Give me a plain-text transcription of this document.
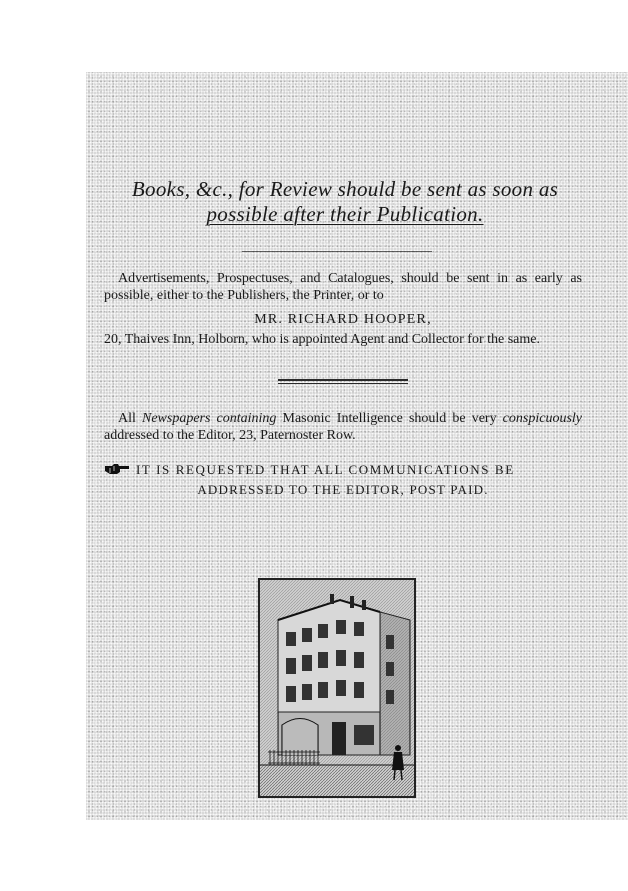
Books, &c., for Review should be sent as soon as
possible after their Publication.
Advertisements, Prospectuses, and Catalogues, should be sent in as early as possible, either to the Publishers, the Printer, or to
MR. RICHARD HOOPER,
20, Thaives Inn, Holborn, who is appointed Agent and Collector for the same.
All Newspapers containing Masonic Intelligence should be very conspicuously addressed to the Editor, 23, Paternoster Row.
IT IS REQUESTED THAT ALL COMMUNICATIONS BE
ADDRESSED TO THE EDITOR, POST PAID.
